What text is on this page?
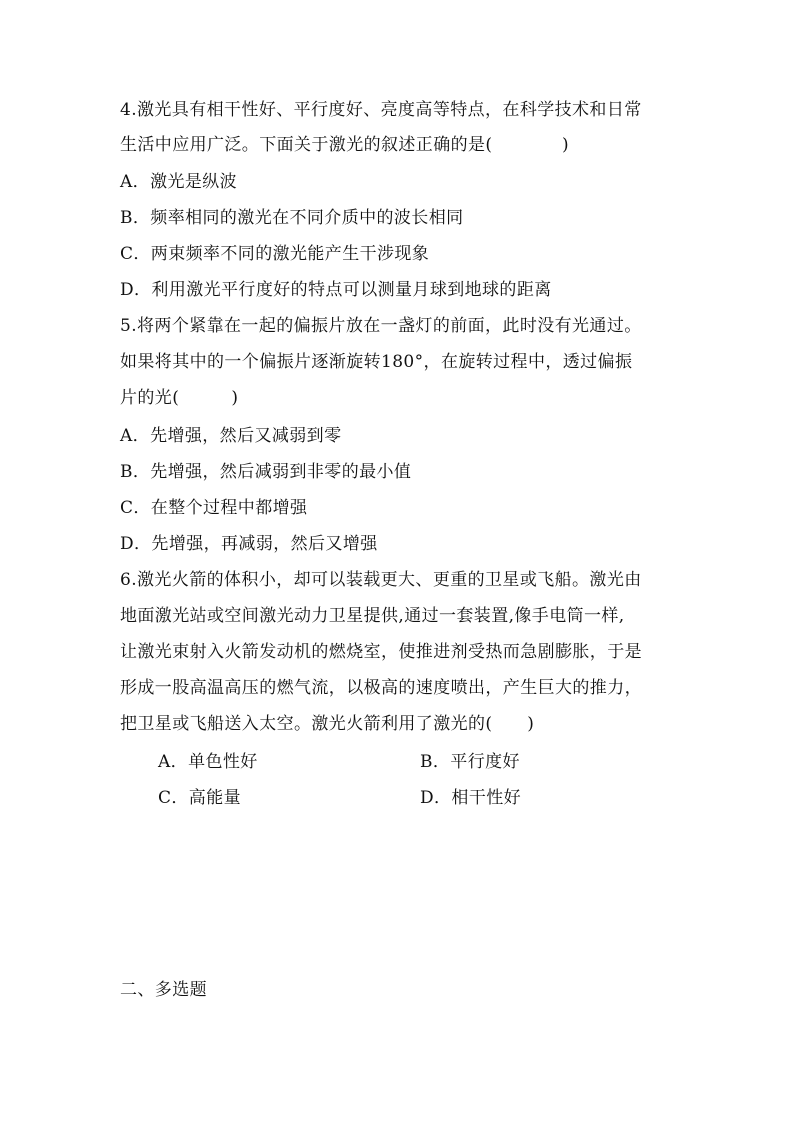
4.激光具有相干性好、平行度好、亮度高等特点，在科学技术和日常
生活中应用广泛。下面关于激光的叙述正确的是(　　　　)
A．激光是纵波
B．频率相同的激光在不同介质中的波长相同
C．两束频率不同的激光能产生干涉现象
D．利用激光平行度好的特点可以测量月球到地球的距离
5.将两个紧靠在一起的偏振片放在一盏灯的前面，此时没有光通过。
如果将其中的一个偏振片逐渐旋转180°，在旋转过程中，透过偏振
片的光(　　　)
A．先增强，然后又减弱到零
B．先增强，然后减弱到非零的最小值
C．在整个过程中都增强
D．先增强，再减弱，然后又增强
6.激光火箭的体积小，却可以装载更大、更重的卫星或飞船。激光由
地面激光站或空间激光动力卫星提供,通过一套装置,像手电筒一样,
让激光束射入火箭发动机的燃烧室，使推进剂受热而急剧膨胀，于是
形成一股高温高压的燃气流，以极高的速度喷出，产生巨大的推力，
把卫星或飞船送入太空。激光火箭利用了激光的(　　)
A．单色性好	B．平行度好
C．高能量	D．相干性好
二、多选题
